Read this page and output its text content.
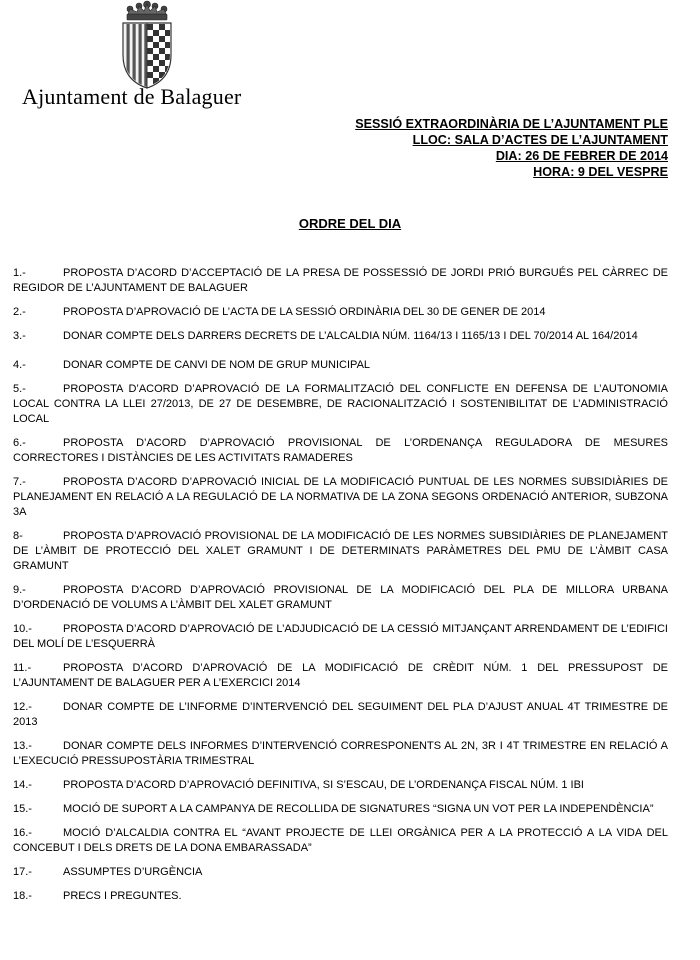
Ajuntament de Balaguer
SESSIÓ EXTRAORDINÀRIA DE L’AJUNTAMENT PLE
LLOC: SALA D’ACTES DE L’AJUNTAMENT
DIA: 26 DE FEBRER DE 2014
HORA: 9 DEL VESPRE
ORDRE DEL DIA
1.-	PROPOSTA D’ACORD D’ACCEPTACIÓ DE LA PRESA DE POSSESSIÓ DE JORDI PRIÓ BURGUÉS PEL CÀRREC DE REGIDOR DE L’AJUNTAMENT DE BALAGUER
2.-	PROPOSTA D’APROVACIÓ DE L’ACTA DE LA SESSIÓ ORDINÀRIA DEL 30 DE GENER DE 2014
3.-	DONAR COMPTE DELS DARRERS DECRETS DE L’ALCALDIA NÚM. 1164/13 I 1165/13 I DEL 70/2014 AL 164/2014
4.-	DONAR COMPTE DE CANVI DE NOM DE GRUP MUNICIPAL
5.-	PROPOSTA D’ACORD D’APROVACIÓ DE LA FORMALITZACIÓ DEL CONFLICTE EN DEFENSA DE L’AUTONOMIA LOCAL CONTRA LA LLEI 27/2013, DE 27 DE DESEMBRE, DE RACIONALITZACIÓ I SOSTENIBILITAT DE L’ADMINISTRACIÓ LOCAL
6.-	PROPOSTA D’ACORD D’APROVACIÓ PROVISIONAL DE L’ORDENANÇA REGULADORA DE MESURES CORRECTORES I DISTÀNCIES DE LES ACTIVITATS RAMADERES
7.-	PROPOSTA D’ACORD D’APROVACIÓ INICIAL DE LA MODIFICACIÓ PUNTUAL DE LES NORMES SUBSIDIÀRIES DE PLANEJAMENT EN RELACIÓ A LA REGULACIÓ DE LA NORMATIVA DE LA ZONA SEGONS ORDENACIÓ ANTERIOR, SUBZONA 3A
8-	PROPOSTA D’APROVACIÓ PROVISIONAL DE LA MODIFICACIÓ DE LES NORMES SUBSIDIÀRIES DE PLANEJAMENT DE L’ÀMBIT DE PROTECCIÓ DEL XALET GRAMUNT I DE DETERMINATS PARÀMETRES DEL PMU DE L’ÀMBIT CASA GRAMUNT
9.-	PROPOSTA D’ACORD D’APROVACIÓ PROVISIONAL DE LA MODIFICACIÓ DEL PLA DE MILLORA URBANA D’ORDENACIÓ DE VOLUMS A L’ÀMBIT DEL XALET GRAMUNT
10.-	PROPOSTA D’ACORD D’APROVACIÓ DE L’ADJUDICACIÓ DE LA CESSIÓ MITJANÇANT ARRENDAMENT DE L’EDIFICI DEL MOLÍ DE L’ESQUERRÀ
11.-	PROPOSTA D’ACORD D’APROVACIÓ DE LA MODIFICACIÓ DE CRÈDIT NÚM. 1 DEL PRESSUPOST DE L’AJUNTAMENT DE BALAGUER PER A L’EXERCICI 2014
12.-	DONAR COMPTE DE L’INFORME D’INTERVENCIÓ DEL SEGUIMENT DEL PLA D’AJUST ANUAL 4T TRIMESTRE DE 2013
13.-	DONAR COMPTE DELS INFORMES D’INTERVENCIÓ CORRESPONENTS AL 2N, 3R I 4T TRIMESTRE EN RELACIÓ A L’EXECUCIÓ PRESSUPOSTÀRIA TRIMESTRAL
14.-	PROPOSTA D’ACORD D’APROVACIÓ DEFINITIVA, SI S’ESCAU, DE L’ORDENANÇA FISCAL NÚM. 1 IBI
15.-	MOCIÓ DE SUPORT A LA CAMPANYA DE RECOLLIDA DE SIGNATURES “SIGNA UN VOT PER LA INDEPENDÈNCIA”
16.-	MOCIÓ D’ALCALDIA CONTRA EL “AVANT PROJECTE DE LLEI ORGÀNICA PER A LA PROTECCIÓ A LA VIDA DEL CONCEBUT I DELS DRETS DE LA DONA EMBARASSADA”
17.-	ASSUMPTES D’URGÈNCIA
18.-	PRECS I PREGUNTES.
